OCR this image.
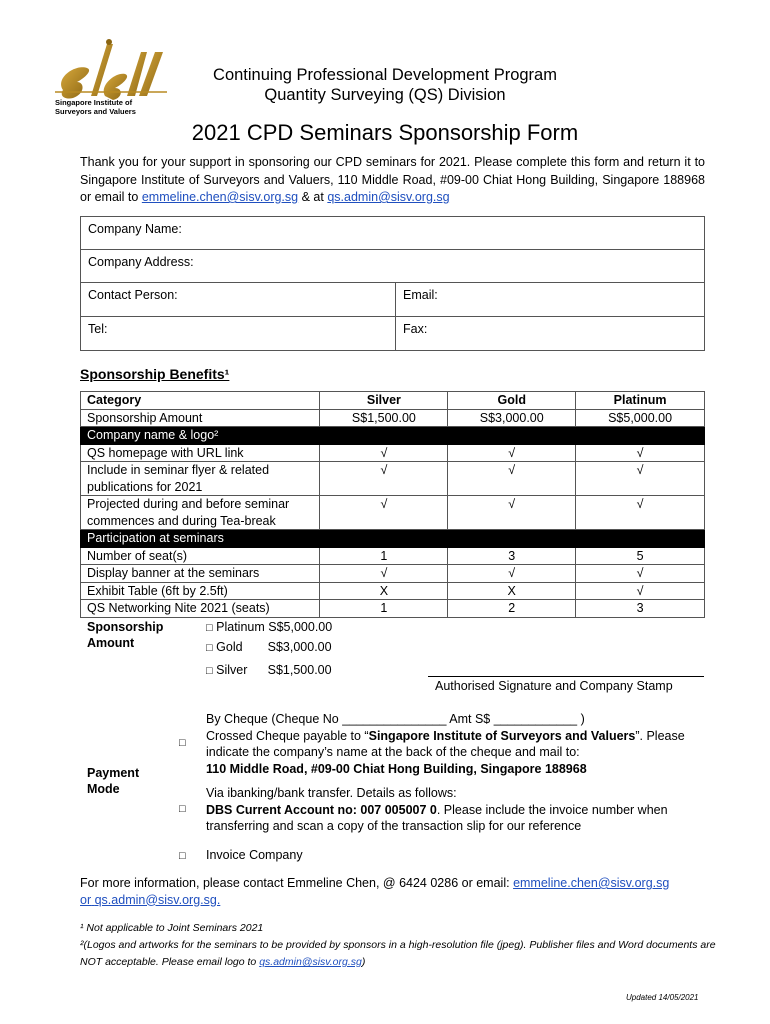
Singapore Institute of
Surveyors and Valuers
Continuing Professional Development Program
Quantity Surveying (QS) Division
2021 CPD Seminars Sponsorship Form
Thank you for your support in sponsoring our CPD seminars for 2021. Please complete this form and return it to Singapore Institute of Surveyors and Valuers, 110 Middle Road, #09-00 Chiat Hong Building, Singapore 188968 or email to emmeline.chen@sisv.org.sg & at qs.admin@sisv.org.sg
Company Name:	
Company Address:	
Contact Person:	Email:
Tel:	Fax:
Sponsorship Benefits¹
Category	Silver	Gold	Platinum
Sponsorship Amount	S$1,500.00	S$3,000.00	S$5,000.00
Company name & logo²			
QS homepage with URL link	√	√	√
Include in seminar flyer & related publications for 2021	√	√	√
Projected during and before seminar commences and during Tea-break	√	√	√
Participation at seminars			
Number of seat(s)	1	3	5
Display banner at the seminars	√	√	√
Exhibit Table (6ft by 2.5ft)	X	X	√
QS Networking Nite 2021 (seats)	1	2	3
Sponsorship
Amount
□ Platinum S$5,000.00
□ Gold S$3,000.00
□ Silver S$1,500.00
Authorised Signature and Company Stamp
Payment
Mode
□
By Cheque (Cheque No _______________ Amt S$ ____________ )
Crossed Cheque payable to “Singapore Institute of Surveyors and Valuers”. Please indicate the company’s name at the back of the cheque and mail to:
110 Middle Road, #09-00 Chiat Hong Building, Singapore 188968
□
Via ibanking/bank transfer. Details as follows:
DBS Current Account no: 007 005007 0. Please include the invoice number when transferring and scan a copy of the transaction slip for our reference
□ Invoice Company
For more information, please contact Emmeline Chen, @ 6424 0286 or email: emmeline.chen@sisv.org.sg
or qs.admin@sisv.org.sg.
¹ Not applicable to Joint Seminars 2021
²(Logos and artworks for the seminars to be provided by sponsors in a high-resolution file (jpeg). Publisher files and Word documents are NOT acceptable. Please email logo to qs.admin@sisv.org.sg)
Updated 14/05/2021
